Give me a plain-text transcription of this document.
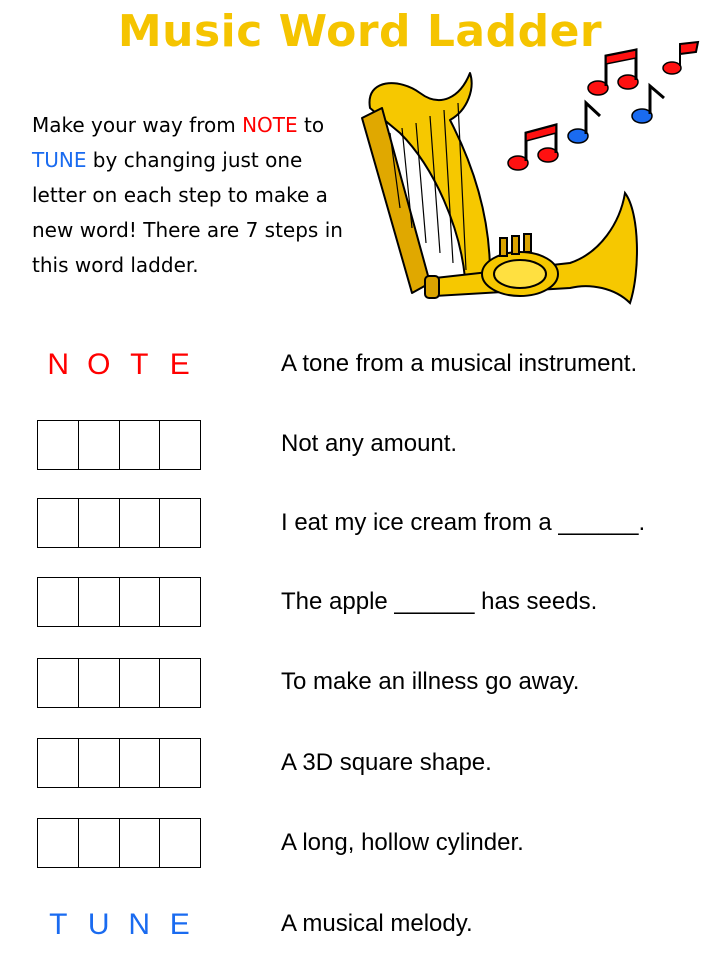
Music Word Ladder
Make your way from NOTE to TUNE by changing just one letter on each step to make a new word! There are 7 steps in this word ladder.
N O T E
T U N E
A tone from a musical instrument.
Not any amount.
I eat my ice cream from a ______.
The apple ______ has seeds.
To make an illness go away.
A 3D square shape.
A long, hollow cylinder.
A musical melody.
